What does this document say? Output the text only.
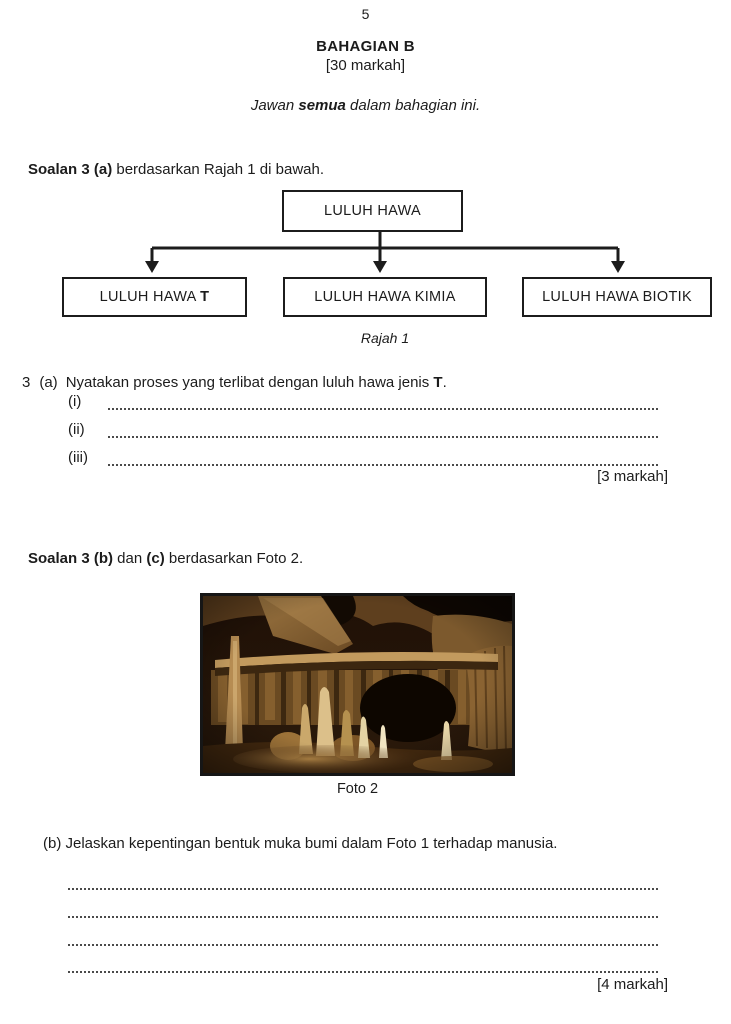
5
BAHAGIAN B
[30 markah]
Jawan semua dalam bahagian ini.
Soalan 3 (a) berdasarkan Rajah 1 di bawah.
LULUH HAWA
LULUH HAWA T	LULUH HAWA KIMIA	LULUH HAWA BIOTIK
Rajah 1
3 (a) Nyatakan proses yang terlibat dengan luluh hawa jenis T.
(i)
(ii)
(iii)
[3 markah]
Soalan 3 (b) dan (c) berdasarkan Foto 2.
Foto 2
(b) Jelaskan kepentingan bentuk muka bumi dalam Foto 1 terhadap manusia.
[4 markah]
